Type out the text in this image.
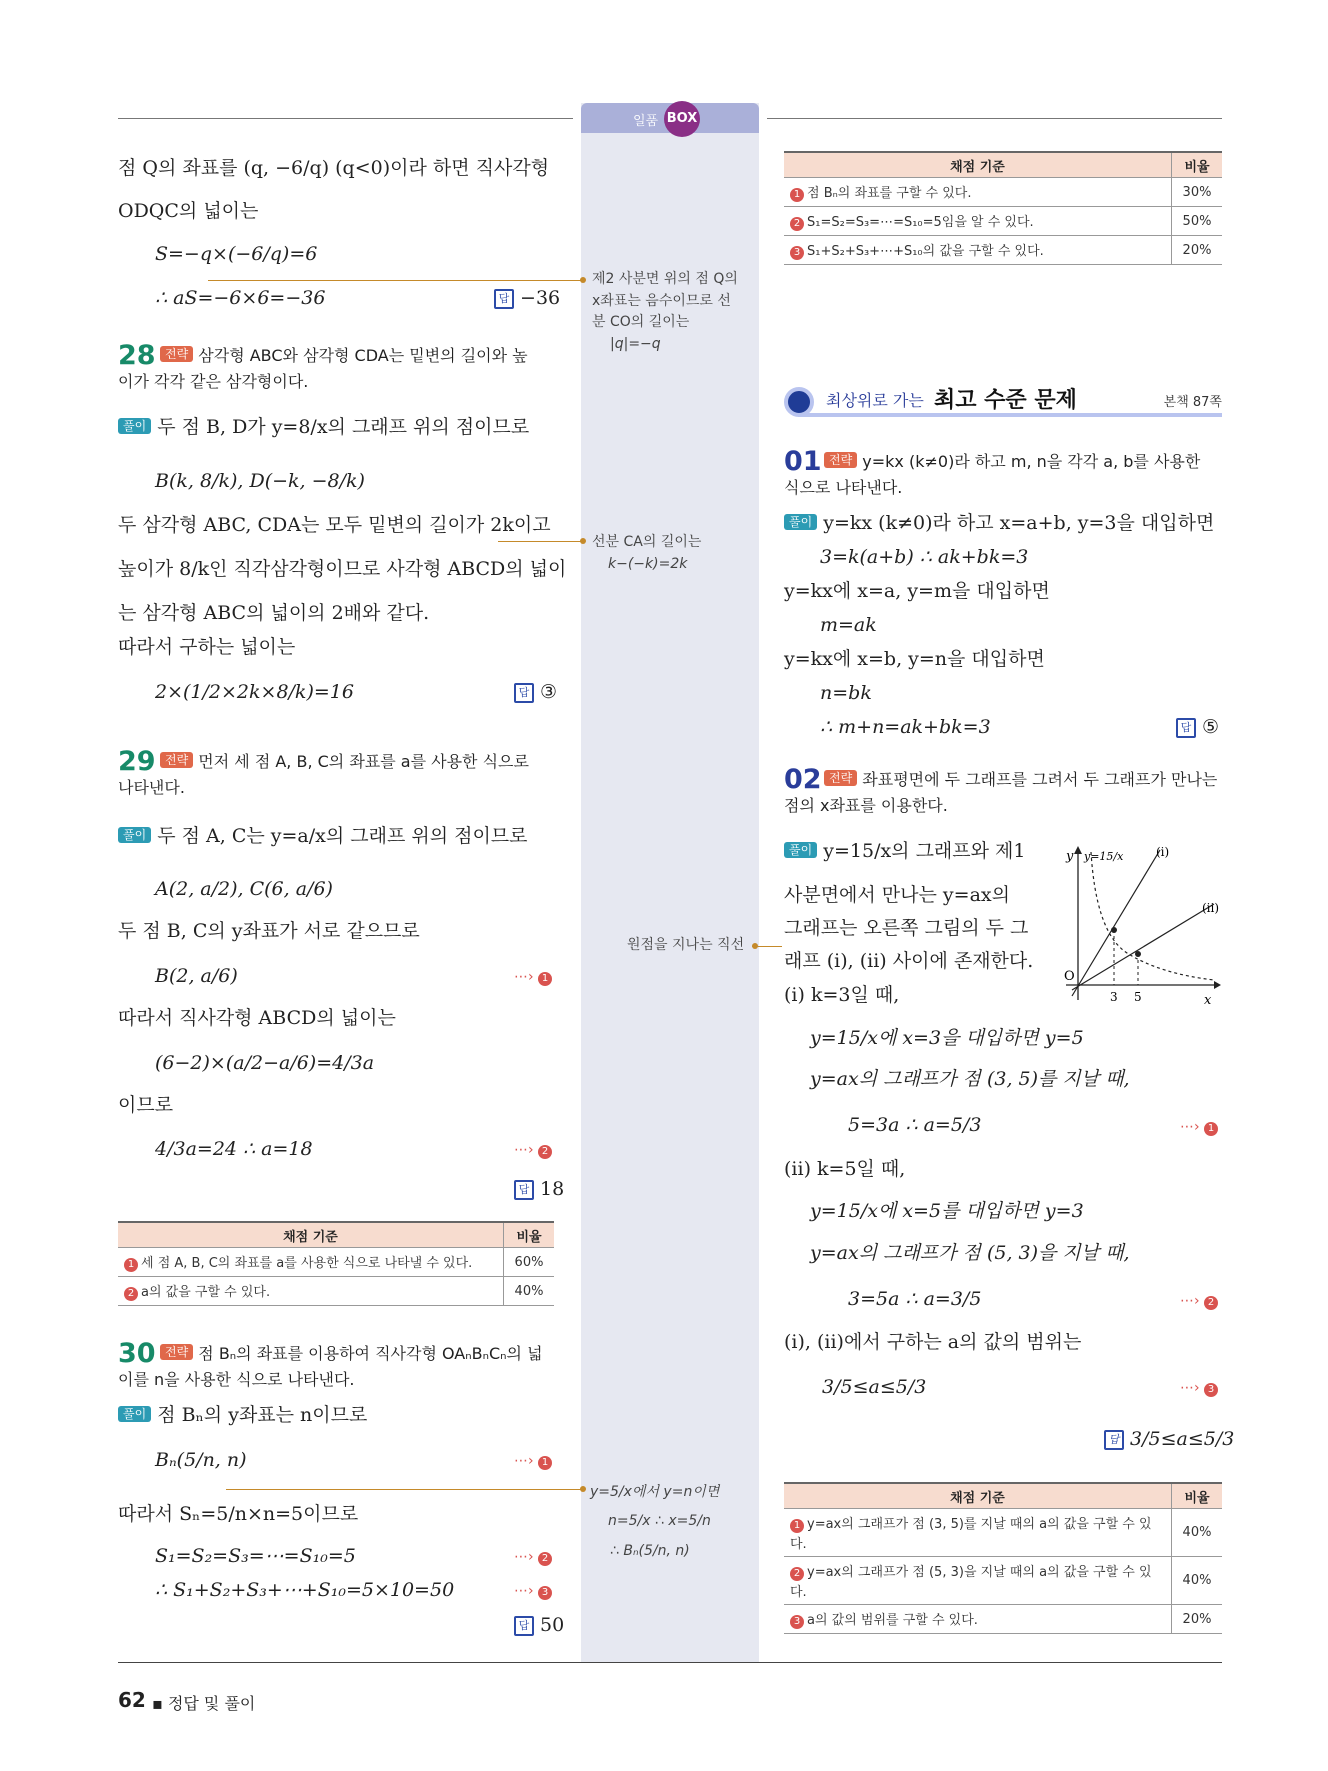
일품 BOX
점 Q의 좌표를 (q, −6/q) (q<0)이라 하면 직사각형
ODQC의 넓이는
S=−q×(−6/q)=6
∴ aS=−6×6=−36	답 −36
28 전략 삼각형 ABC와 삼각형 CDA는 밑변의 길이와 높
이가 각각 같은 삼각형이다.
풀이 두 점 B, D가 y=8/x의 그래프 위의 점이므로
B(k, 8/k), D(−k, −8/k)
두 삼각형 ABC, CDA는 모두 밑변의 길이가 2k이고
높이가 8/k인 직각삼각형이므로 사각형 ABCD의 넓이
는 삼각형 ABC의 넓이의 2배와 같다.
따라서 구하는 넓이는
2×(1/2×2k×8/k)=16	답 ③
29 전략 먼저 세 점 A, B, C의 좌표를 a를 사용한 식으로
나타낸다.
풀이 두 점 A, C는 y=a/x의 그래프 위의 점이므로
A(2, a/2), C(6, a/6)
두 점 B, C의 y좌표가 서로 같으므로
B(2, a/6)	⋯› 1
따라서 직사각형 ABCD의 넓이는
(6−2)×(a/2−a/6)=4/3a
이므로
4/3a=24 ∴ a=18	⋯› 2
답 18
채점 기준	비율
1 세 점 A, B, C의 좌표를 a를 사용한 식으로 나타낼 수 있다.	60%
2 a의 값을 구할 수 있다.	40%
30 전략 점 Bₙ의 좌표를 이용하여 직사각형 OAₙBₙCₙ의 넓
이를 n을 사용한 식으로 나타낸다.
풀이 점 Bₙ의 y좌표는 n이므로
Bₙ(5/n, n)	⋯› 1
따라서 Sₙ=5/n×n=5이므로
S₁=S₂=S₃=⋯=S₁₀=5	⋯› 2
∴ S₁+S₂+S₃+⋯+S₁₀=5×10=50	⋯› 3
답 50
제2 사분면 위의 점 Q의
x좌표는 음수이므로 선
분 CO의 길이는
|q|=−q
선분 CA의 길이는
k−(−k)=2k
원점을 지나는 직선
y=5/x에서 y=n이면
n=5/x ∴ x=5/n
∴ Bₙ(5/n, n)
채점 기준	비율
1 점 Bₙ의 좌표를 구할 수 있다.	30%
2 S₁=S₂=S₃=⋯=S₁₀=5임을 알 수 있다.	50%
3 S₁+S₂+S₃+⋯+S₁₀의 값을 구할 수 있다.	20%
최상위로 가는 최고 수준 문제	본책 87쪽
01 전략 y=kx (k≠0)라 하고 m, n을 각각 a, b를 사용한
식으로 나타낸다.
풀이 y=kx (k≠0)라 하고 x=a+b, y=3을 대입하면
3=k(a+b) ∴ ak+bk=3
y=kx에 x=a, y=m을 대입하면
m=ak
y=kx에 x=b, y=n을 대입하면
n=bk
∴ m+n=ak+bk=3	답 ⑤
02 전략 좌표평면에 두 그래프를 그려서 두 그래프가 만나는
점의 x좌표를 이용한다.
풀이 y=15/x의 그래프와 제1
사분면에서 만나는 y=ax의
그래프는 오른쪽 그림의 두 그
래프 (i), (ii) 사이에 존재한다.
(i) k=3일 때,
y
x
O
y=15/x	(i)
(ii)
3 5
y=15/x에 x=3을 대입하면 y=5
y=ax의 그래프가 점 (3, 5)를 지날 때,
5=3a ∴ a=5/3	⋯› 1
(ii) k=5일 때,
y=15/x에 x=5를 대입하면 y=3
y=ax의 그래프가 점 (5, 3)을 지날 때,
3=5a ∴ a=3/5	⋯› 2
(i), (ii)에서 구하는 a의 값의 범위는
3/5≤a≤5/3	⋯› 3
답 3/5≤a≤5/3
채점 기준	비율
1 y=ax의 그래프가 점 (3, 5)를 지날 때의 a의 값을 구할 수 있다.	40%
2 y=ax의 그래프가 점 (5, 3)을 지날 때의 a의 값을 구할 수 있다.	40%
3 a의 값의 범위를 구할 수 있다.	20%
62 ▪ 정답 및 풀이
